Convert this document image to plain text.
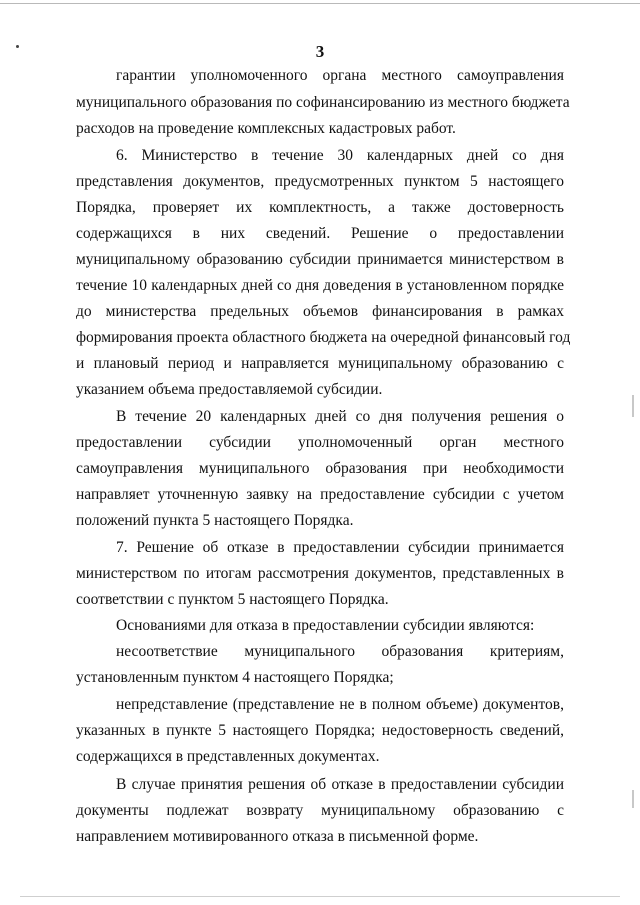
3
гарантии уполномоченного органа местного самоуправления
муниципального образования по софинансированию из местного бюджета
расходов на проведение комплексных кадастровых работ.
6. Министерство в течение 30 календарных дней со дня
представления документов, предусмотренных пунктом 5 настоящего
Порядка, проверяет их комплектность, а также достоверность
содержащихся в них сведений. Решение о предоставлении
муниципальному образованию субсидии принимается министерством в
течение 10 календарных дней со дня доведения в установленном порядке
до министерства предельных объемов финансирования в рамках
формирования проекта областного бюджета на очередной финансовый год
и плановый период и направляется муниципальному образованию с
указанием объема предоставляемой субсидии.
В течение 20 календарных дней со дня получения решения о
предоставлении субсидии уполномоченный орган местного
самоуправления муниципального образования при необходимости
направляет уточненную заявку на предоставление субсидии с учетом
положений пункта 5 настоящего Порядка.
7. Решение об отказе в предоставлении субсидии принимается
министерством по итогам рассмотрения документов, представленных в
соответствии с пунктом 5 настоящего Порядка.
Основаниями для отказа в предоставлении субсидии являются:
несоответствие муниципального образования критериям,
установленным пунктом 4 настоящего Порядка;
непредставление (представление не в полном объеме) документов,
указанных в пункте 5 настоящего Порядка; недостоверность сведений,
содержащихся в представленных документах.
В случае принятия решения об отказе в предоставлении субсидии
документы подлежат возврату муниципальному образованию с
направлением мотивированного отказа в письменной форме.
